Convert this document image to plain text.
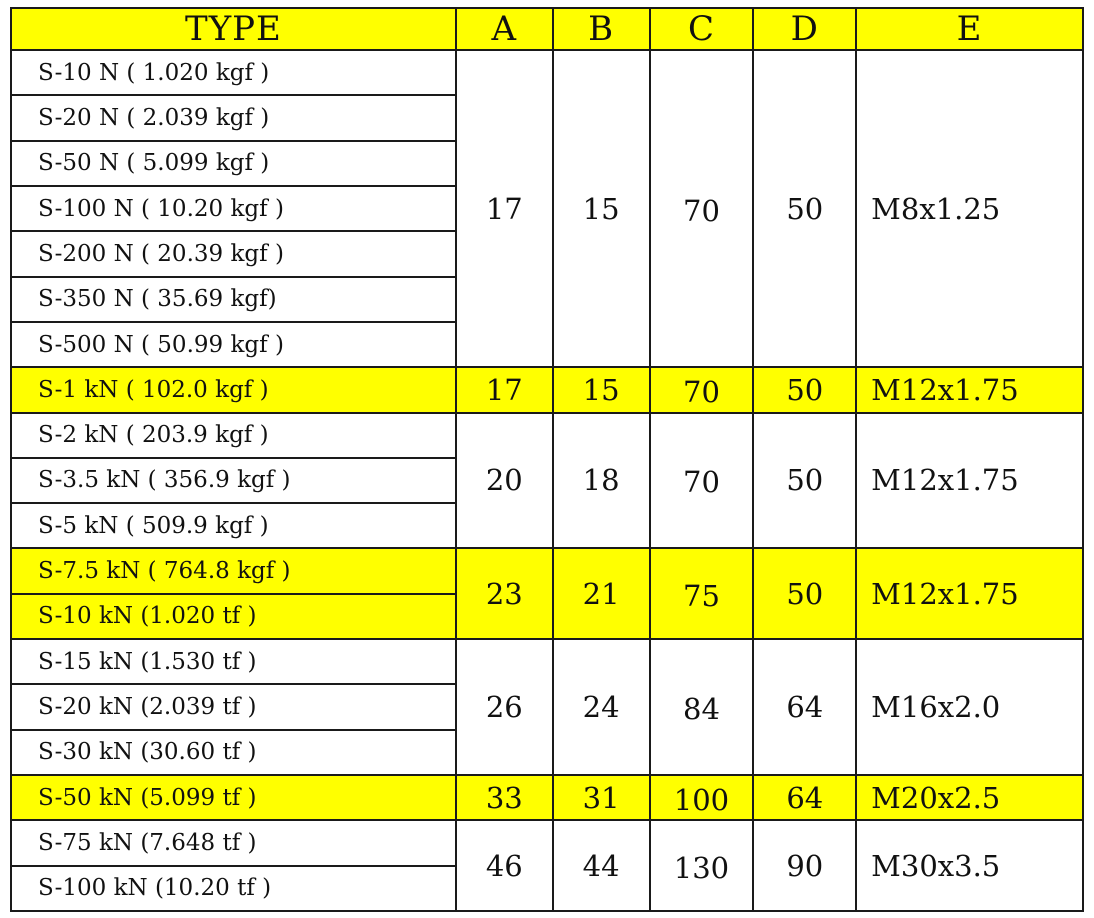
TYPE	A	B	C	D	E
S-10 N ( 1.020 kgf )	17	15	70	50	M8x1.25
S-20 N ( 2.039 kgf )					
S-50 N ( 5.099 kgf )					
S-100 N ( 10.20 kgf )					
S-200 N ( 20.39 kgf )					
S-350 N ( 35.69 kgf)					
S-500 N ( 50.99 kgf )					
S-1 kN ( 102.0 kgf )	17	15	70	50	M12x1.75
S-2 kN ( 203.9 kgf )	20	18	70	50	M12x1.75
S-3.5 kN ( 356.9 kgf )					
S-5 kN ( 509.9 kgf )					
S-7.5 kN ( 764.8 kgf )	23	21	75	50	M12x1.75
S-10 kN (1.020 tf )					
S-15 kN (1.530 tf )	26	24	84	64	M16x2.0
S-20 kN (2.039 tf )					
S-30 kN (30.60 tf )					
S-50 kN (5.099 tf )	33	31	100	64	M20x2.5
S-75 kN (7.648 tf )	46	44	130	90	M30x3.5
S-100 kN (10.20 tf )					
